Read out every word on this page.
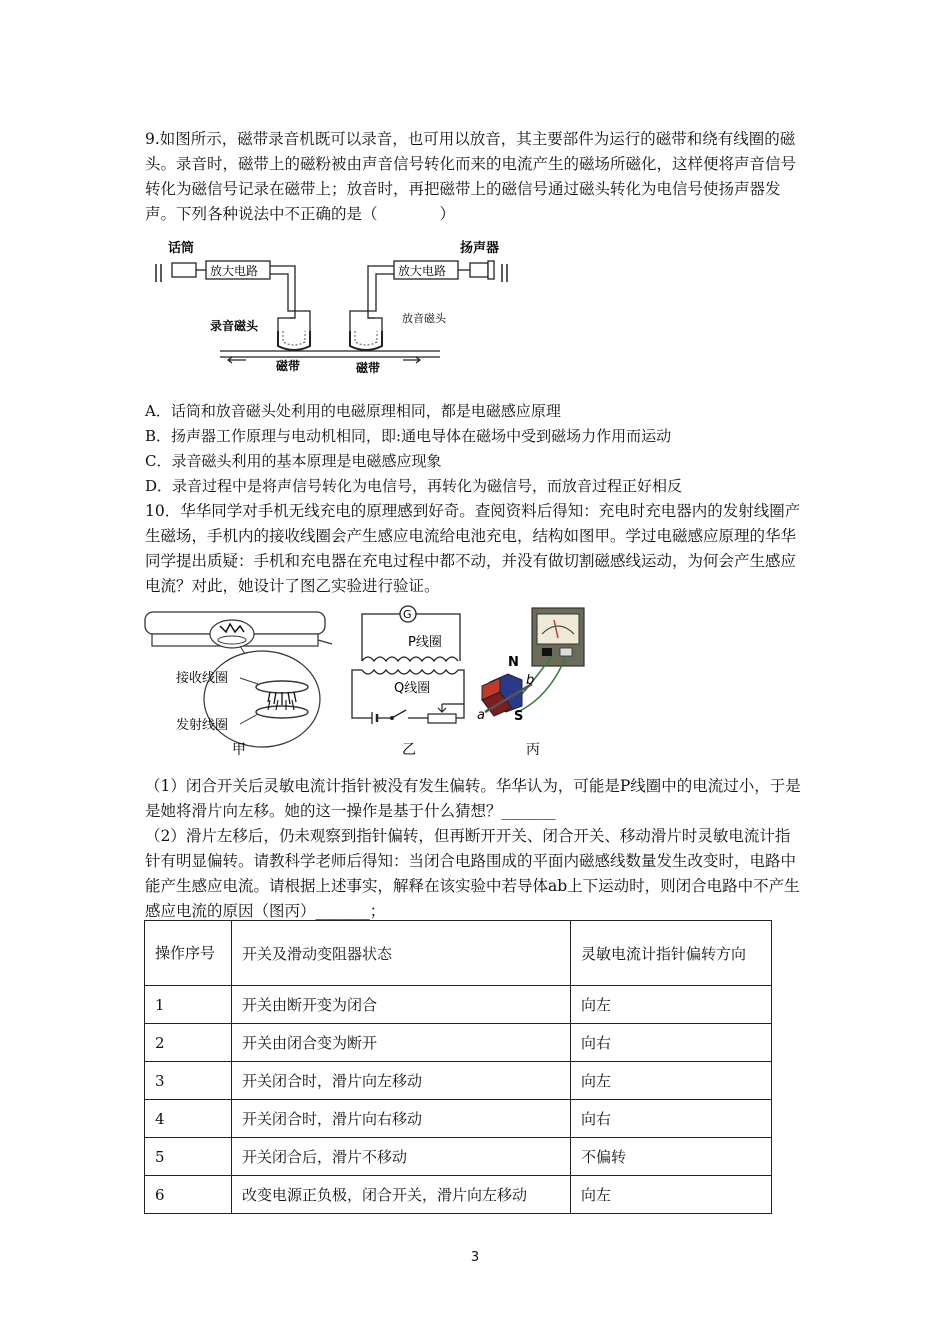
9.如图所示，磁带录音机既可以录音，也可用以放音，其主要部件为运行的磁带和绕有线圈的磁头。录音时，磁带上的磁粉被由声音信号转化而来的电流产生的磁场所磁化，这样便将声音信号转化为磁信号记录在磁带上；放音时，再把磁带上的磁信号通过磁头转化为电信号使扬声器发声。下列各种说法中不正确的是（　　　　）
话筒
放大电路
录音磁头
磁带
扬声器
放大电路
放音磁头
磁带
A．话筒和放音磁头处利用的电磁原理相同，都是电磁感应原理
B．扬声器工作原理与电动机相同，即:通电导体在磁场中受到磁场力作用而运动
C．录音磁头利用的基本原理是电磁感应现象
D．录音过程中是将声信号转化为电信号，再转化为磁信号，而放音过程正好相反
10．华华同学对手机无线充电的原理感到好奇。查阅资料后得知：充电时充电器内的发射线圈产生磁场，手机内的接收线圈会产生感应电流给电池充电，结构如图甲。学过电磁感应原理的华华同学提出质疑：手机和充电器在充电过程中都不动，并没有做切割磁感线运动，为何会产生感应电流？对此，她设计了图乙实验进行验证。
接收线圈
发射线圈
甲
G
P线圈
Q线圈
乙
N
S
a
b
丙
（1）闭合开关后灵敏电流计指针被没有发生偏转。华华认为，可能是P线圈中的电流过小，于是是她将滑片向左移。她的这一操作是基于什么猜想？_______
（2）滑片左移后，仍未观察到指针偏转，但再断开开关、闭合开关、移动滑片时灵敏电流计指针有明显偏转。请教科学老师后得知：当闭合电路围成的平面内磁感线数量发生改变时，电路中能产生感应电流。请根据上述事实，解释在该实验中若导体ab上下运动时，则闭合电路中不产生感应电流的原因（图丙）_______；
操作序号	开关及滑动变阻器状态	灵敏电流计指针偏转方向
1	开关由断开变为闭合	向左
2	开关由闭合变为断开	向右
3	开关闭合时，滑片向左移动	向左
4	开关闭合时，滑片向右移动	向右
5	开关闭合后，滑片不移动	不偏转
6	改变电源正负极，闭合开关，滑片向左移动	向左
3
